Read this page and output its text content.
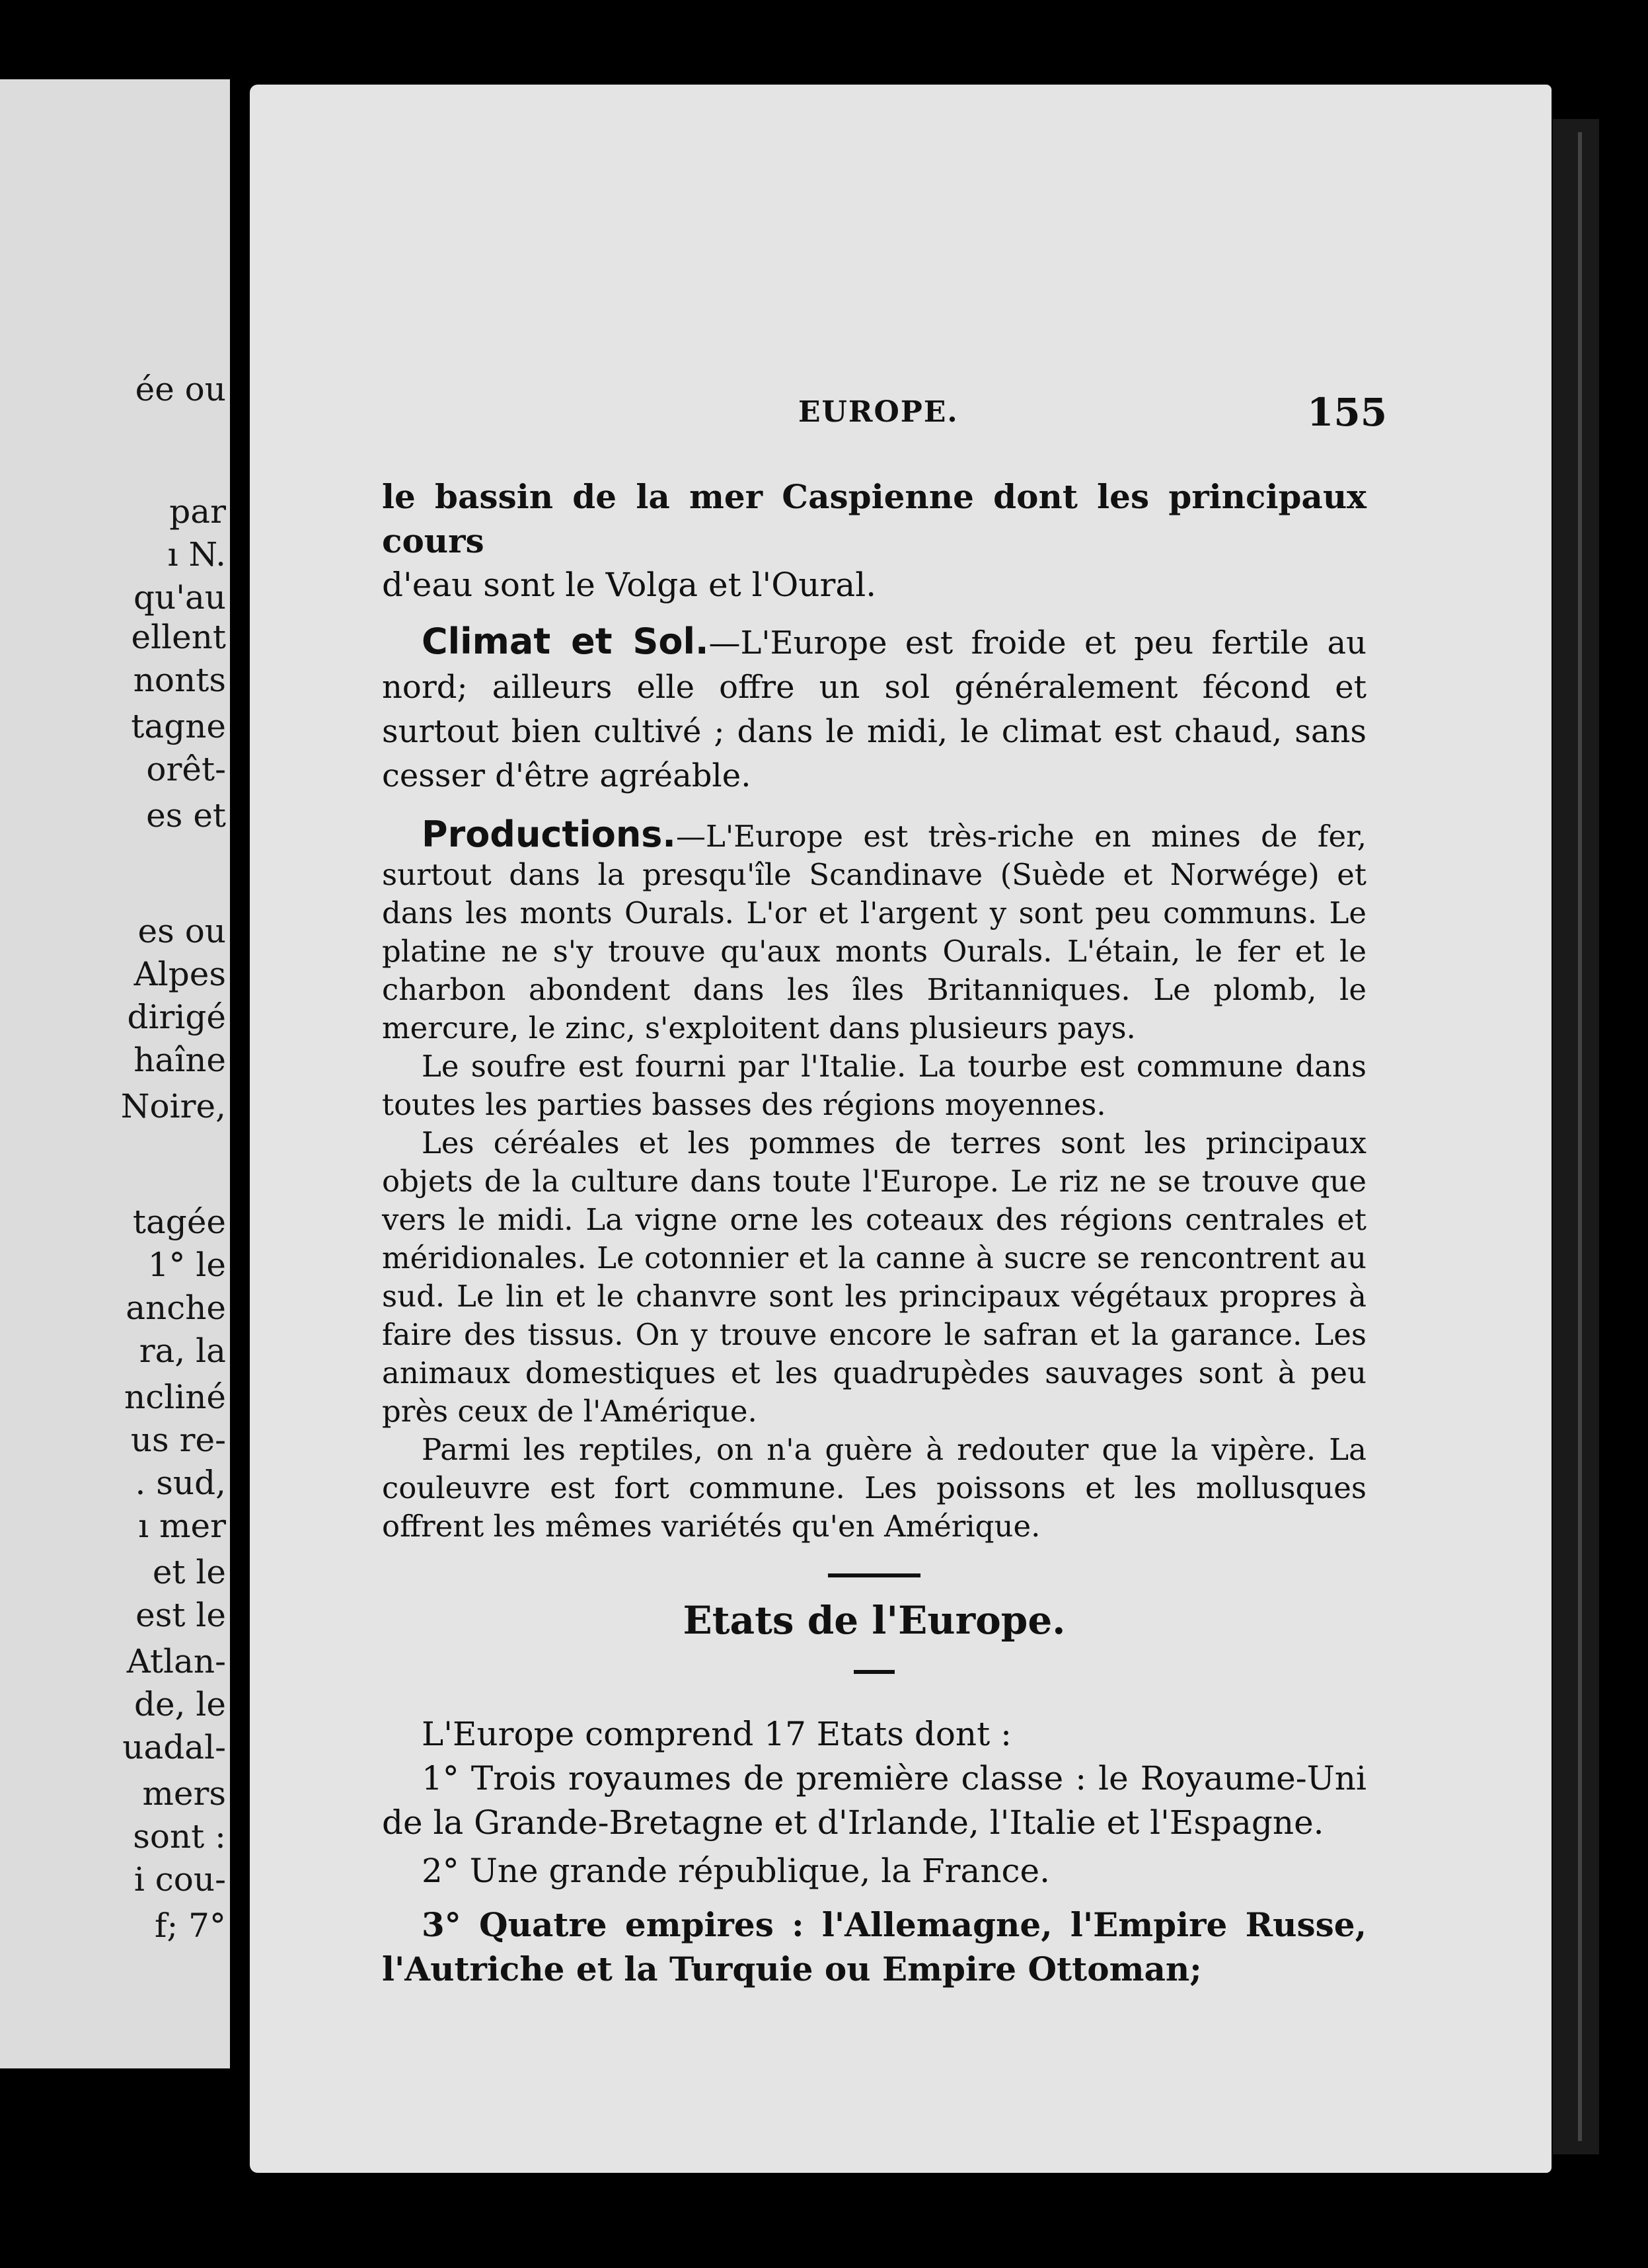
ée ou
par
ı N.
qu'au
ellent
nonts
tagne
orêt-
es et
es ou
Alpes
dirigé
haîne
Noire,
tagée
1° le
anche
ra, la
ncliné
us re-
. sud,
ı mer
et le
est le
Atlan-
de, le
uadal-
mers
sont :
i cou-
f; 7°
EUROPE.	155

le bassin de la mer Caspienne dont les principaux cours

d'eau sont le Volga et l'Oural.

Climat et Sol.—L'Europe est froide et peu fertile au nord; ailleurs elle offre un sol généralement fécond et surtout bien cultivé ; dans le midi, le climat est chaud, sans cesser d'être agréable.

Productions.—L'Europe est très-riche en mines de fer, surtout dans la presqu'île Scandinave (Suède et Norwége) et dans les monts Ourals. L'or et l'argent y sont peu communs. Le platine ne s'y trouve qu'aux monts Ourals. L'étain, le fer et le charbon abondent dans les îles Britanniques. Le plomb, le mercure, le zinc, s'exploitent dans plusieurs pays.

Le soufre est fourni par l'Italie. La tourbe est commune dans toutes les parties basses des régions moyennes.

Les céréales et les pommes de terres sont les principaux objets de la culture dans toute l'Europe. Le riz ne se trouve que vers le midi. La vigne orne les coteaux des régions centrales et méridionales. Le cotonnier et la canne à sucre se rencontrent au sud. Le lin et le chanvre sont les principaux végétaux propres à faire des tissus. On y trouve encore le safran et la garance. Les animaux domestiques et les quadrupèdes sauvages sont à peu près ceux de l'Amérique.

Parmi les reptiles, on n'a guère à redouter que la vipère. La couleuvre est fort commune. Les poissons et les mollusques offrent les mêmes variétés qu'en Amérique.

Etats de l'Europe.

L'Europe comprend 17 Etats dont :

1° Trois royaumes de première classe : le Royaume-Uni de la Grande-Bretagne et d'Irlande, l'Italie et l'Espagne.

2° Une grande république, la France.

3° Quatre empires : l'Allemagne, l'Empire Russe, l'Autriche et la Turquie ou Empire Ottoman;
